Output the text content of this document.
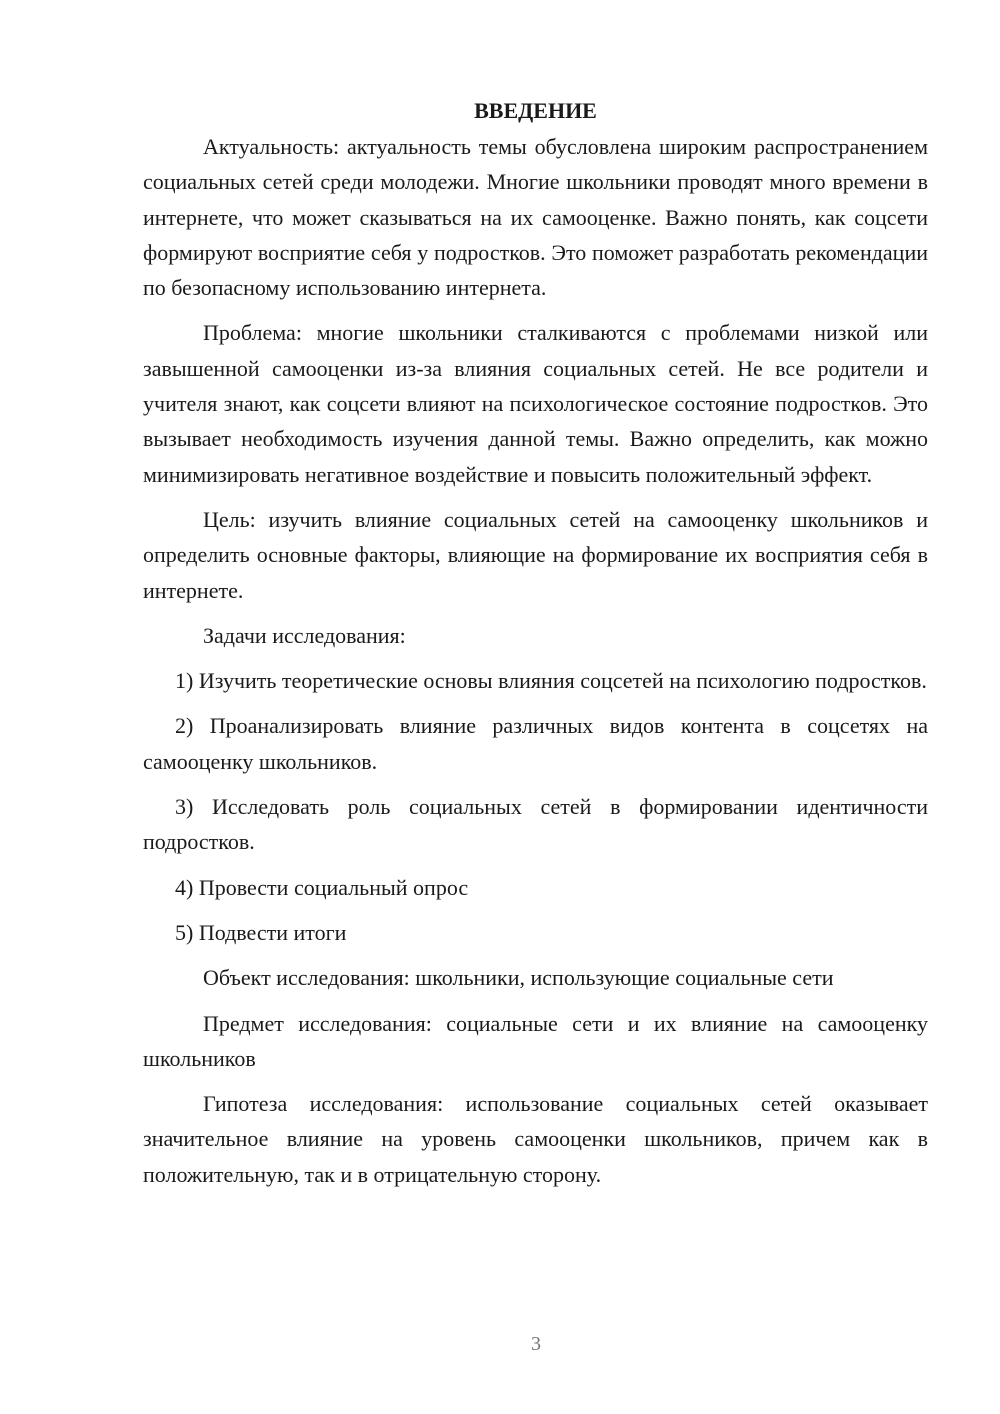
ВВЕДЕНИЕ

Актуальность: актуальность темы обусловлена широким распространением социальных сетей среди молодежи. Многие школьники проводят много времени в интернете, что может сказываться на их самооценке. Важно понять, как соцсети формируют восприятие себя у подростков. Это поможет разработать рекомендации по безопасному использованию интернета.

Проблема: многие школьники сталкиваются с проблемами низкой или завышенной самооценки из-за влияния социальных сетей. Не все родители и учителя знают, как соцсети влияют на психологическое состояние подростков. Это вызывает необходимость изучения данной темы. Важно определить, как можно минимизировать негативное воздействие и повысить положительный эффект.

Цель: изучить влияние социальных сетей на самооценку школьников и определить основные факторы, влияющие на формирование их восприятия себя в интернете.

Задачи исследования:

1) Изучить теоретические основы влияния соцсетей на психологию подростков.

2) Проанализировать влияние различных видов контента в соцсетях на самооценку школьников.

3) Исследовать роль социальных сетей в формировании идентичности подростков.

4) Провести социальный опрос

5) Подвести итоги

Объект исследования: школьники, использующие социальные сети

Предмет исследования: социальные сети и их влияние на самооценку школьников

Гипотеза исследования: использование социальных сетей оказывает значительное влияние на уровень самооценки школьников, причем как в положительную, так и в отрицательную сторону.

3
